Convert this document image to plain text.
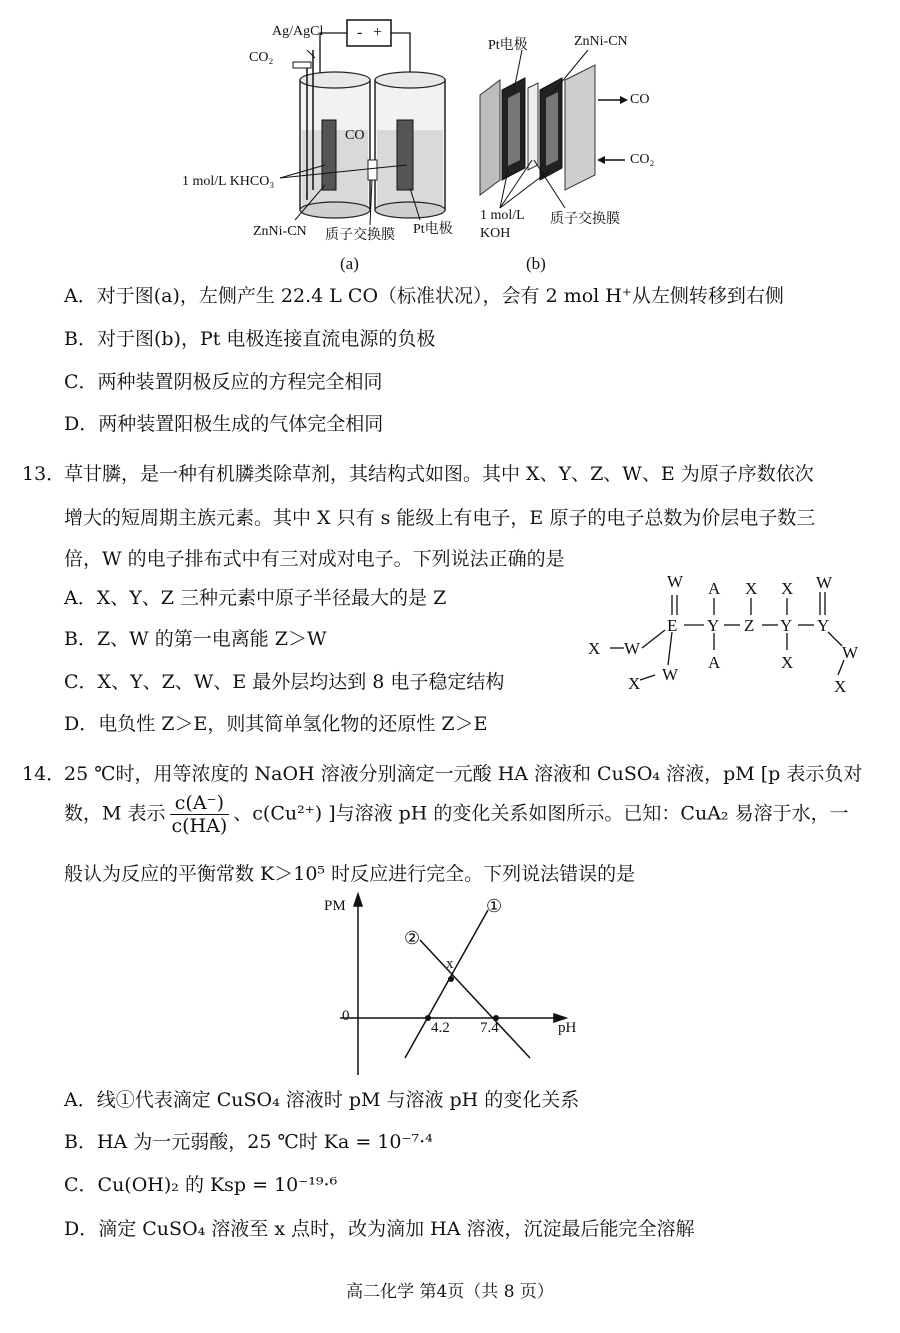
Ag/AgCl
CO₂
- +
CO
1 mol/L KHCO₃
ZnNi-CN 质子交换膜 Pt电极
(a)
Pt电极	ZnNi-CN
CO
CO₂
1 mol/L
KOH
质子交换膜
(b)
A．对于图(a)，左侧产生 22.4 L CO（标准状况），会有 2 mol H⁺从左侧转移到右侧
B．对于图(b)，Pt 电极连接直流电源的负极
C．两种装置阴极反应的方程完全相同
D．两种装置阳极生成的气体完全相同
13．
草甘膦，是一种有机膦类除草剂，其结构式如图。其中 X、Y、Z、W、E 为原子序数依次
增大的短周期主族元素。其中 X 只有 s 能级上有电子，E 原子的电子总数为价层电子数三
倍，W 的电子排布式中有三对成对电子。下列说法正确的是
A．X、Y、Z 三种元素中原子半径最大的是 Z
B．Z、W 的第一电离能 Z＞W
C．X、Y、Z、W、E 最外层均达到 8 电子稳定结构
D．电负性 Z＞E，则其简单氢化物的还原性 Z＞E
W A X X W
X W
E Y Z Y Y
A	X
W
W
X	X
14．
25 ℃时，用等浓度的 NaOH 溶液分别滴定一元酸 HA 溶液和 CuSO₄ 溶液，pM [p 表示负对
数，M 表示 $\frac{c(A^-)}{c(HA)}$ 、c(Cu²⁺) ]与溶液 pH 的变化关系如图所示。已知：CuA₂ 易溶于水，一
般认为反应的平衡常数 K＞10⁵ 时反应进行完全。下列说法错误的是
PM
pH
0
4.2 7.4
x
①
②
A．线①代表滴定 CuSO₄ 溶液时 pM 与溶液 pH 的变化关系
B．HA 为一元弱酸，25 ℃时 Ka = 10⁻⁷·⁴
C．Cu(OH)₂ 的 Ksp = 10⁻¹⁹·⁶
D．滴定 CuSO₄ 溶液至 x 点时，改为滴加 HA 溶液，沉淀最后能完全溶解
高二化学 第4页（共 8 页）
